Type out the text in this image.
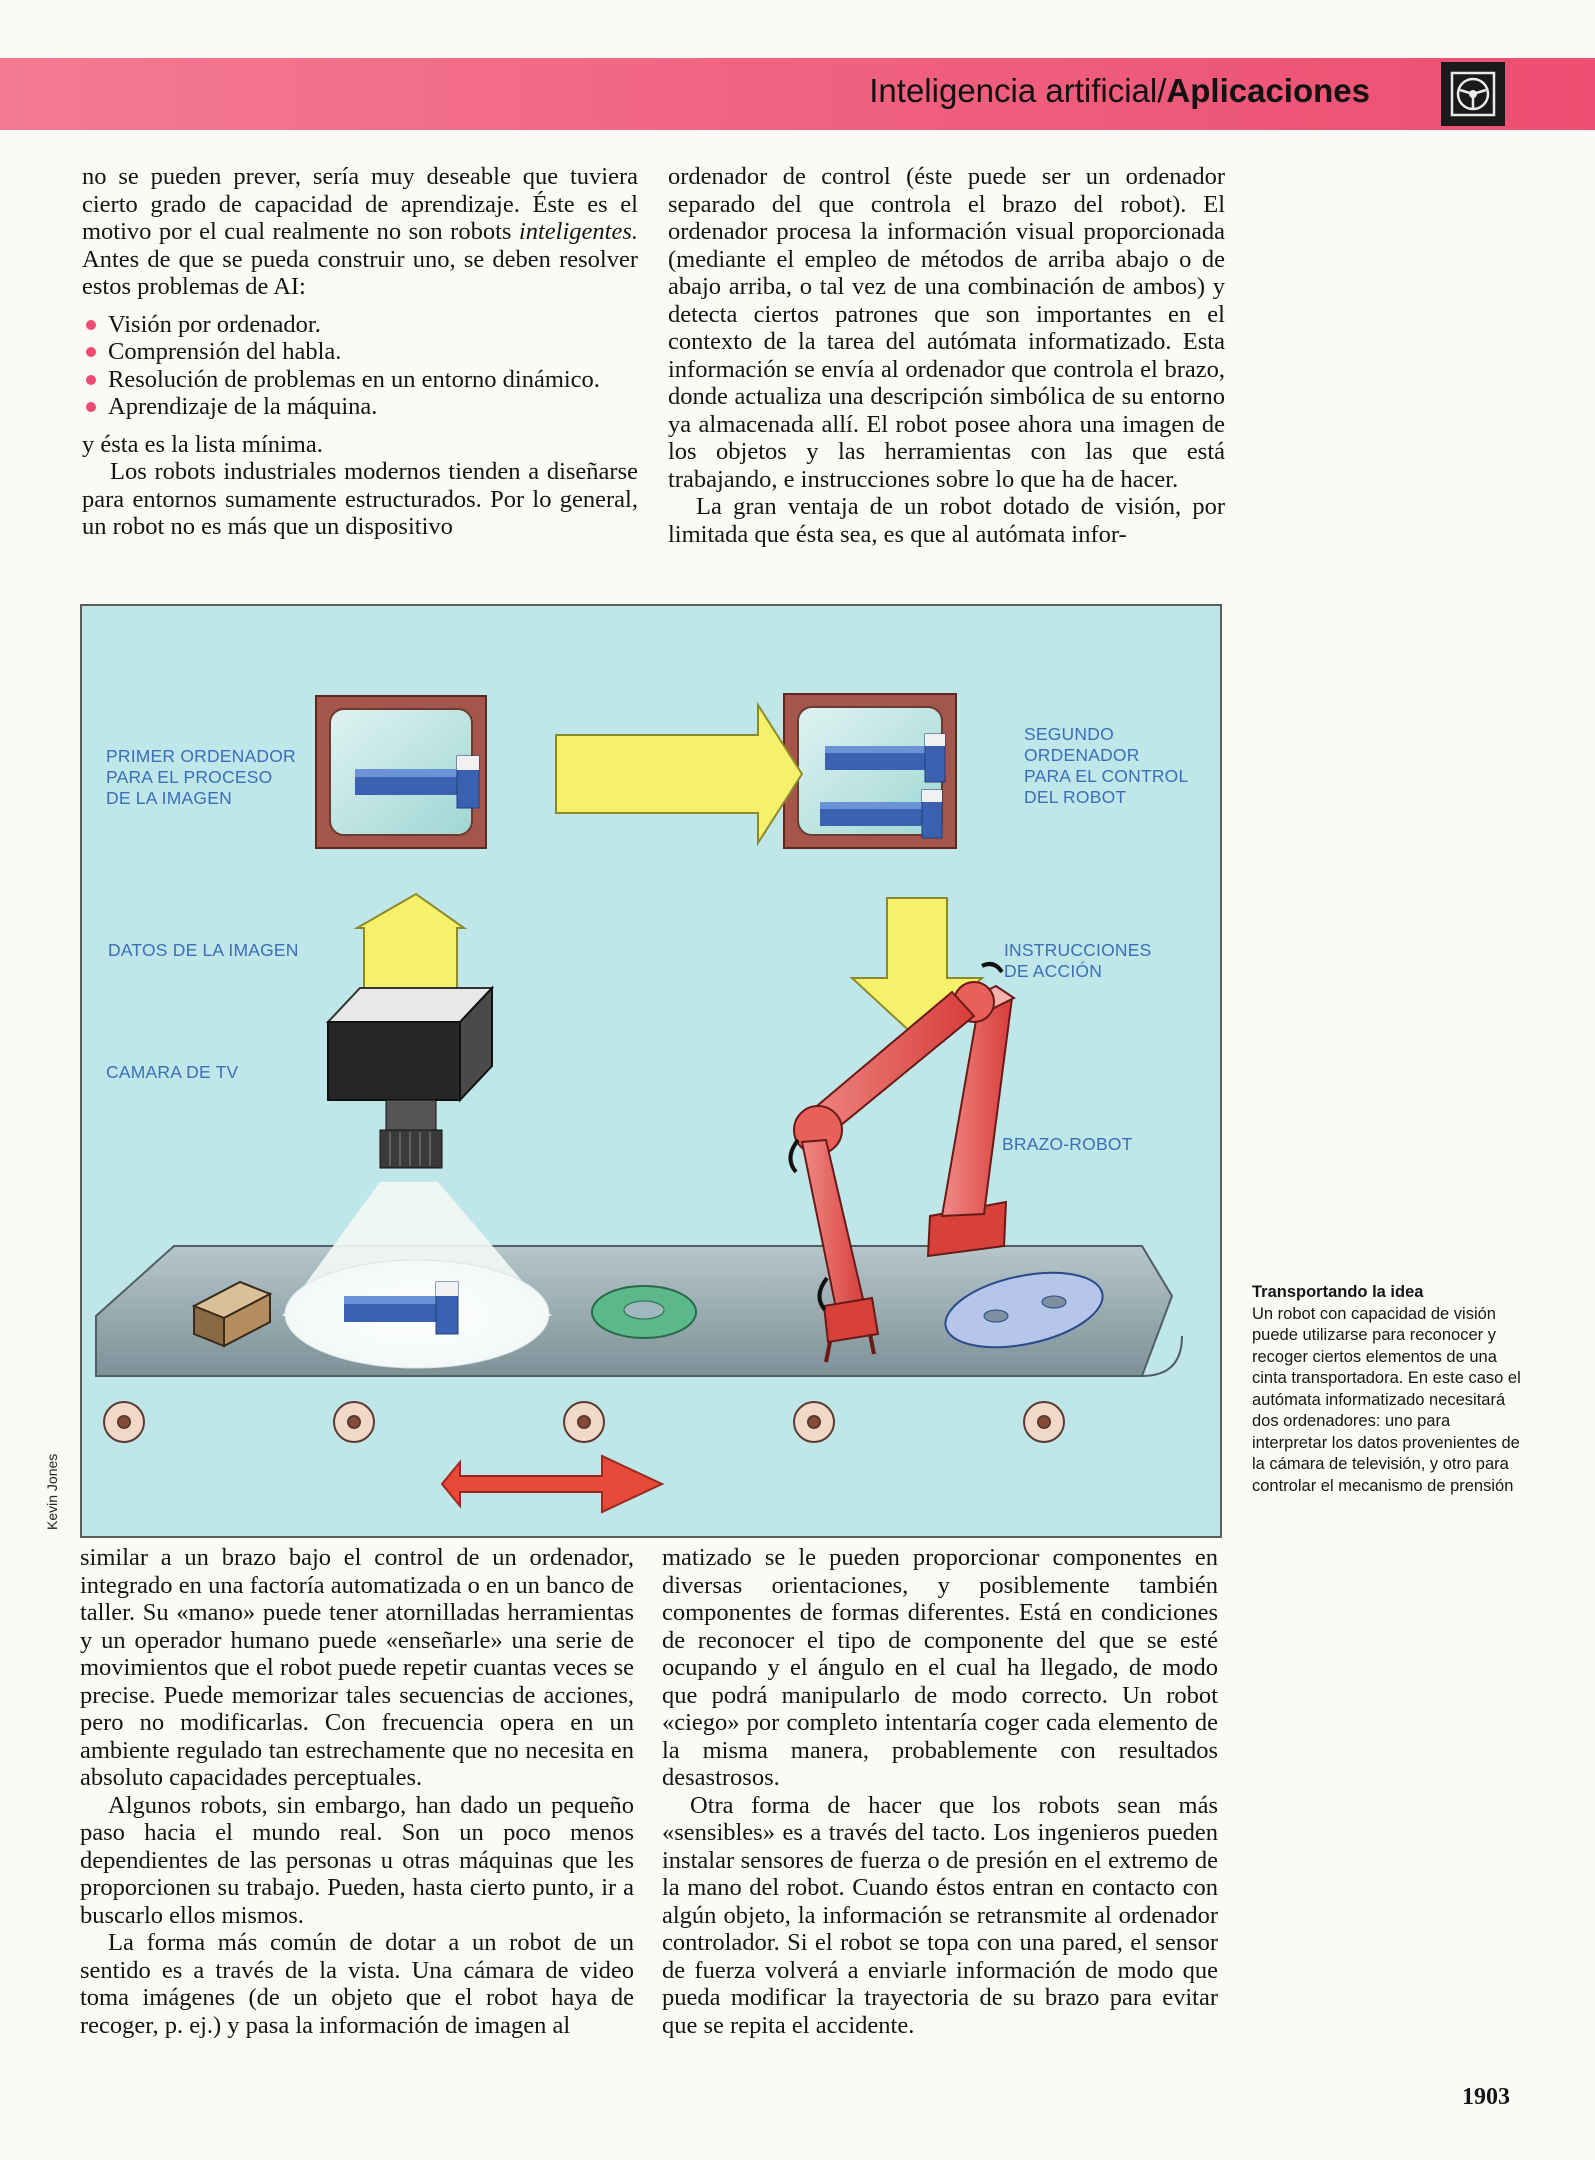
Inteligencia artificial/Aplicaciones

no se pueden prever, sería muy deseable que tuviera cierto grado de capacidad de aprendizaje. Éste es el motivo por el cual realmente no son robots inteligentes. Antes de que se pueda construir uno, se deben resolver estos problemas de AI:

Visión por ordenador.
Comprensión del habla.
Resolución de problemas en un entorno dinámico.
Aprendizaje de la máquina.

y ésta es la lista mínima.

Los robots industriales modernos tienden a diseñarse para entornos sumamente estructurados. Por lo general, un robot no es más que un dispositivo

ordenador de control (éste puede ser un ordenador separado del que controla el brazo del robot). El ordenador procesa la información visual proporcionada (mediante el empleo de métodos de arriba abajo o de abajo arriba, o tal vez de una combinación de ambos) y detecta ciertos patrones que son importantes en el contexto de la tarea del autómata informatizado. Esta información se envía al ordenador que controla el brazo, donde actualiza una descripción simbólica de su entorno ya almacenada allí. El robot posee ahora una imagen de los objetos y las herramientas con las que está trabajando, e instrucciones sobre lo que ha de hacer.

La gran ventaja de un robot dotado de visión, por limitada que ésta sea, es que al autómata infor-

PRIMER ORDENADOR
PARA EL PROCESO
DE LA IMAGEN
SEGUNDO
ORDENADOR
PARA EL CONTROL
DEL ROBOT
DATOS DE LA IMAGEN	INSTRUCCIONES
DE ACCIÓN
CAMARA DE TV
BRAZO-ROBOT
Kevin Jones
Transportando la idea
Un robot con capacidad de visión puede utilizarse para reconocer y recoger ciertos elementos de una cinta transportadora. En este caso el autómata informatizado necesitará dos ordenadores: uno para interpretar los datos provenientes de la cámara de televisión, y otro para controlar el mecanismo de prensión

similar a un brazo bajo el control de un ordenador, integrado en una factoría automatizada o en un banco de taller. Su «mano» puede tener atornilladas herramientas y un operador humano puede «enseñarle» una serie de movimientos que el robot puede repetir cuantas veces se precise. Puede memorizar tales secuencias de acciones, pero no modificarlas. Con frecuencia opera en un ambiente regulado tan estrechamente que no necesita en absoluto capacidades perceptuales.

Algunos robots, sin embargo, han dado un pequeño paso hacia el mundo real. Son un poco menos dependientes de las personas u otras máquinas que les proporcionen su trabajo. Pueden, hasta cierto punto, ir a buscarlo ellos mismos.

La forma más común de dotar a un robot de un sentido es a través de la vista. Una cámara de video toma imágenes (de un objeto que el robot haya de recoger, p. ej.) y pasa la información de imagen al

matizado se le pueden proporcionar componentes en diversas orientaciones, y posiblemente también componentes de formas diferentes. Está en condiciones de reconocer el tipo de componente del que se esté ocupando y el ángulo en el cual ha llegado, de modo que podrá manipularlo de modo correcto. Un robot «ciego» por completo intentaría coger cada elemento de la misma manera, probablemente con resultados desastrosos.

Otra forma de hacer que los robots sean más «sensibles» es a través del tacto. Los ingenieros pueden instalar sensores de fuerza o de presión en el extremo de la mano del robot. Cuando éstos entran en contacto con algún objeto, la información se retransmite al ordenador controlador. Si el robot se topa con una pared, el sensor de fuerza volverá a enviarle información de modo que pueda modificar la trayectoria de su brazo para evitar que se repita el accidente.

1903
